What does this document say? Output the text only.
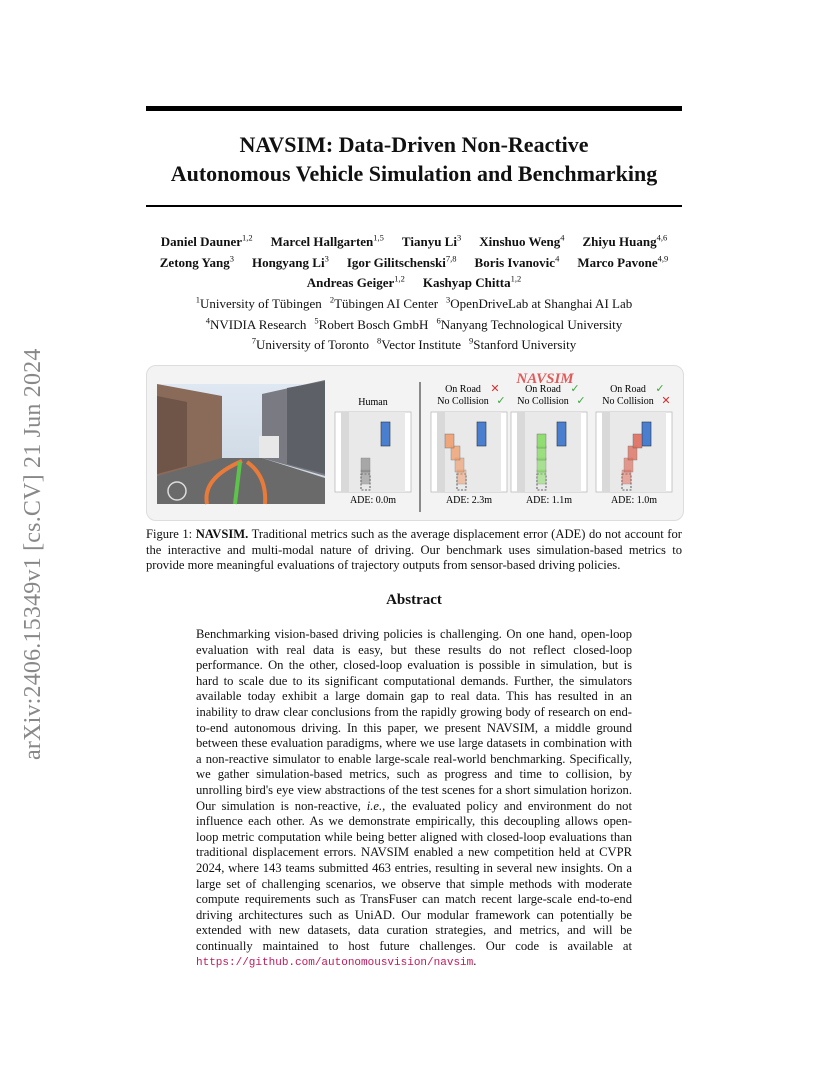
arXiv:2406.15349v1 [cs.CV] 21 Jun 2024
NAVSIM: Data-Driven Non-Reactive
Autonomous Vehicle Simulation and Benchmarking
Daniel Dauner$^{1,2}$ Marcel Hallgarten$^{1,5}$ Tianyu Li$^3$ Xinshuo Weng$^4$ Zhiyu Huang$^{4,6}$
Zetong Yang$^3$ Hongyang Li$^3$ Igor Gilitschenski$^{7,8}$ Boris Ivanovic$^4$ Marco Pavone$^{4,9}$
Andreas Geiger$^{1,2}$ Kashyap Chitta$^{1,2}$
$^1$University of Tübingen $^2$Tübingen AI Center $^3$OpenDriveLab at Shanghai AI Lab
$^4$NVIDIA Research $^5$Robert Bosch GmbH $^6$Nanyang Technological University
$^7$University of Toronto $^8$Vector Institute $^9$Stanford University
NAVSIM
Human
ADE: 0.0m
On Road ✕
No Collision ✓
ADE: 2.3m
On Road ✓
No Collision ✓
ADE: 1.1m
On Road ✓
No Collision ✕
ADE: 1.0m
Figure 1: NAVSIM. Traditional metrics such as the average displacement error (ADE) do not account for the interactive and multi-modal nature of driving. Our benchmark uses simulation-based metrics to provide more meaningful evaluations of trajectory outputs from sensor-based driving policies.
Abstract
Benchmarking vision-based driving policies is challenging. On one hand, open-loop evaluation with real data is easy, but these results do not reflect closed-loop performance. On the other, closed-loop evaluation is possible in simulation, but is hard to scale due to its significant computational demands. Further, the simulators available today exhibit a large domain gap to real data. This has resulted in an inability to draw clear conclusions from the rapidly growing body of research on end-to-end autonomous driving. In this paper, we present NAVSIM, a middle ground between these evaluation paradigms, where we use large datasets in combination with a non-reactive simulator to enable large-scale real-world benchmarking. Specifically, we gather simulation-based metrics, such as progress and time to collision, by unrolling bird's eye view abstractions of the test scenes for a short simulation horizon. Our simulation is non-reactive, i.e., the evaluated policy and environment do not influence each other. As we demonstrate empirically, this decoupling allows open-loop metric computation while being better aligned with closed-loop evaluations than traditional displacement errors. NAVSIM enabled a new competition held at CVPR 2024, where 143 teams submitted 463 entries, resulting in several new insights. On a large set of challenging scenarios, we observe that simple methods with moderate compute requirements such as TransFuser can match recent large-scale end-to-end driving architectures such as UniAD. Our modular framework can potentially be extended with new datasets, data curation strategies, and metrics, and will be continually maintained to host future challenges. Our code is available at https://github.com/autonomousvision/navsim.
